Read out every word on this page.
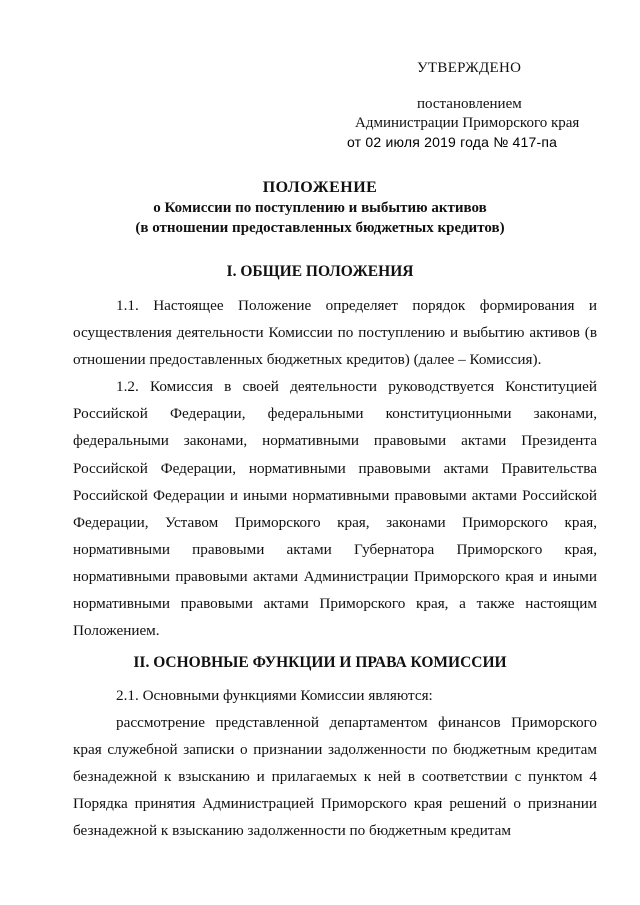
УТВЕРЖДЕНО
постановлением
Администрации Приморского края
от 02 июля 2019 года № 417-па
ПОЛОЖЕНИЕ
о Комиссии по поступлению и выбытию активов
(в отношении предоставленных бюджетных кредитов)
I. ОБЩИЕ ПОЛОЖЕНИЯ

1.1. Настоящее Положение определяет порядок формирования и осуществления деятельности Комиссии по поступлению и выбытию активов (в отношении предоставленных бюджетных кредитов) (далее – Комиссия).

1.2. Комиссия в своей деятельности руководствуется Конституцией Российской Федерации, федеральными конституционными законами, федеральными законами, нормативными правовыми актами Президента Российской Федерации, нормативными правовыми актами Правительства Российской Федерации и иными нормативными правовыми актами Российской Федерации, Уставом Приморского края, законами Приморского края, нормативными правовыми актами Губернатора Приморского края, нормативными правовыми актами Администрации Приморского края и иными нормативными правовыми актами Приморского края, а также настоящим Положением.

II. ОСНОВНЫЕ ФУНКЦИИ И ПРАВА КОМИССИИ

2.1. Основными функциями Комиссии являются:

рассмотрение представленной департаментом финансов Приморского края служебной записки о признании задолженности по бюджетным кредитам безнадежной к взысканию и прилагаемых к ней в соответствии с пунктом 4 Порядка принятия Администрацией Приморского края решений о признании безнадежной к взысканию задолженности по бюджетным кредитам
